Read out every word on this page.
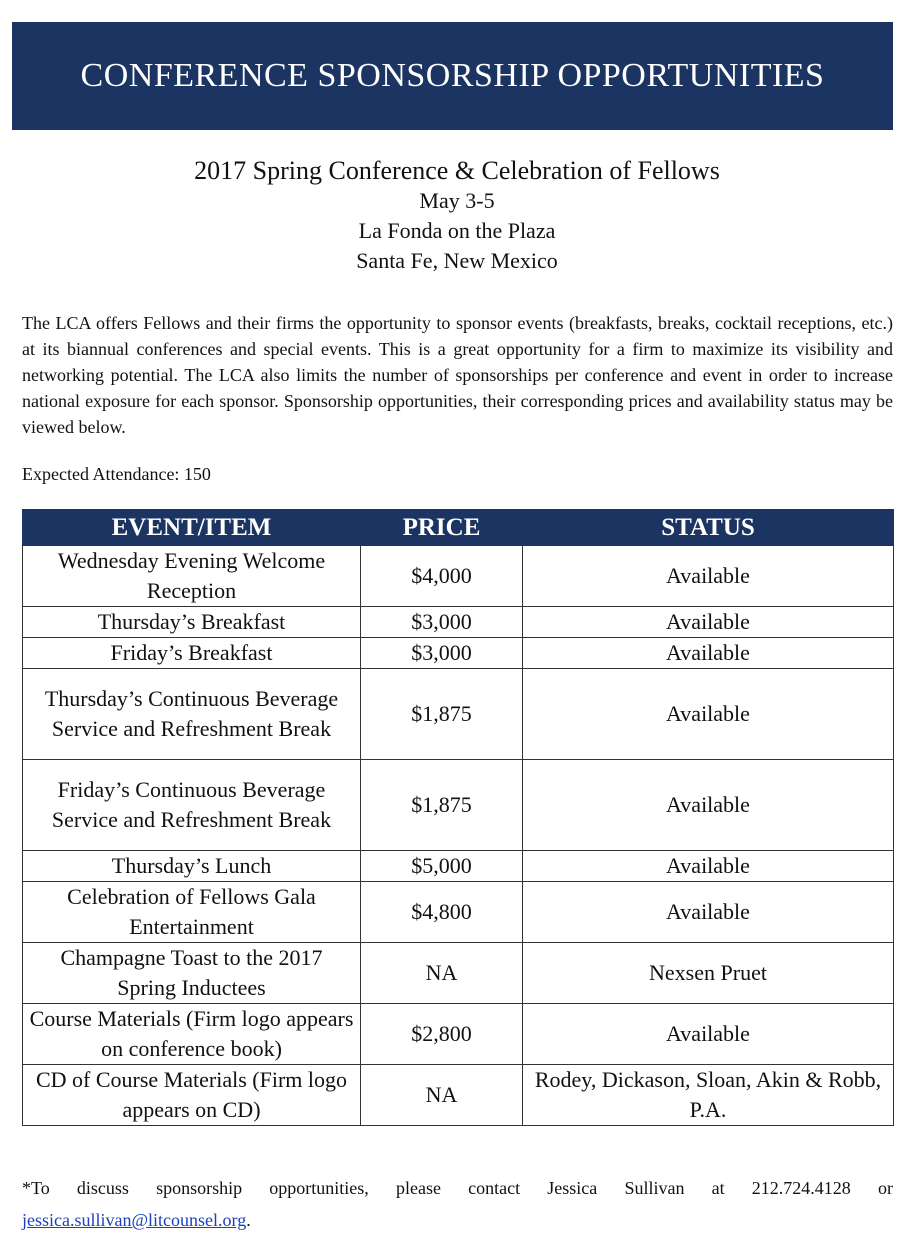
CONFERENCE SPONSORSHIP OPPORTUNITIES
2017 Spring Conference & Celebration of Fellows
May 3-5
La Fonda on the Plaza
Santa Fe, New Mexico

The LCA offers Fellows and their firms the opportunity to sponsor events (breakfasts, breaks, cocktail receptions, etc.) at its biannual conferences and special events. This is a great opportunity for a firm to maximize its visibility and networking potential. The LCA also limits the number of sponsorships per conference and event in order to increase national exposure for each sponsor. Sponsorship opportunities, their corresponding prices and availability status may be viewed below.

Expected Attendance: 150
EVENT/ITEM	PRICE	STATUS
Wednesday Evening Welcome Reception	$4,000	Available
Thursday’s Breakfast	$3,000	Available
Friday’s Breakfast	$3,000	Available
Thursday’s Continuous Beverage Service and Refreshment Break	$1,875	Available
Friday’s Continuous Beverage Service and Refreshment Break	$1,875	Available
Thursday’s Lunch	$5,000	Available
Celebration of Fellows Gala Entertainment	$4,800	Available
Champagne Toast to the 2017 Spring Inductees	NA	Nexsen Pruet
Course Materials (Firm logo appears on conference book)	$2,800	Available
CD of Course Materials (Firm logo appears on CD)	NA	Rodey, Dickason, Sloan, Akin & Robb, P.A.

*To discuss sponsorship opportunities, please contact Jessica Sullivan at 212.724.4128 or jessica.sullivan@litcounsel.org.
